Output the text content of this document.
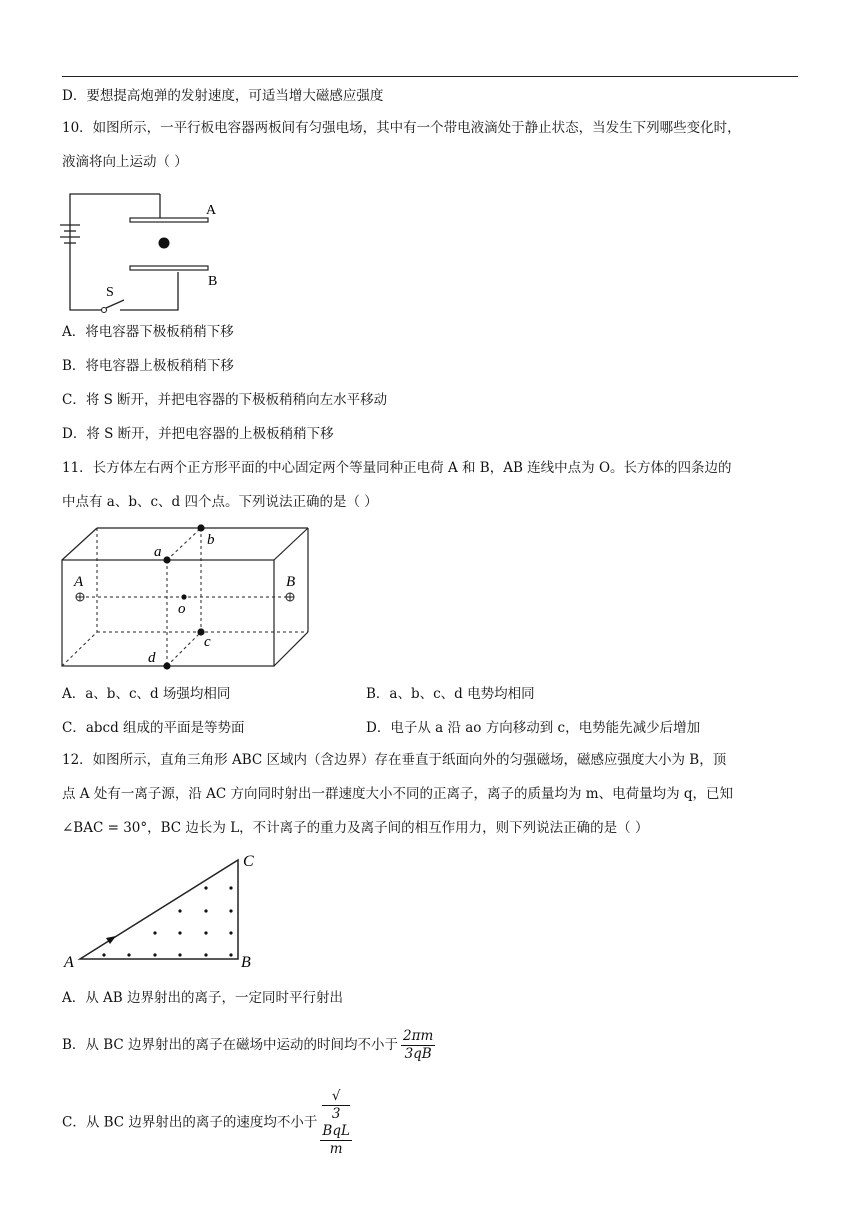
D．要想提高炮弹的发射速度，可适当增大磁感应强度
10．如图所示，一平行板电容器两板间有匀强电场，其中有一个带电液滴处于静止状态，当发生下列哪些变化时，
液滴将向上运动（ ）
A
B
S
A．将电容器下极板稍稍下移
B．将电容器上极板稍稍下移
C．将 S 断开，并把电容器的下极板稍稍向左水平移动
D．将 S 断开，并把电容器的上极板稍稍下移
11．长方体左右两个正方形平面的中心固定两个等量同种正电荷 A 和 B，AB 连线中点为 O。长方体的四条边的
中点有 a、b、c、d 四个点。下列说法正确的是（ ）
A	B
a
b
c
d
o
A．a、b、c、d 场强均相同	B．a、b、c、d 电势均相同
C．abcd 组成的平面是等势面	D．电子从 a 沿 ao 方向移动到 c，电势能先减少后增加
12．如图所示，直角三角形 ABC 区域内（含边界）存在垂直于纸面向外的匀强磁场，磁感应强度大小为 B，顶
点 A 处有一离子源，沿 AC 方向同时射出一群速度大小不同的正离子，离子的质量均为 m、电荷量均为 q，已知
∠BAC = 30°，BC 边长为 L，不计离子的重力及离子间的相互作用力，则下列说法正确的是（ ）
A	B
C
A．从 AB 边界射出的离子，一定同时平行射出
B．从 BC 边界射出的离子在磁场中运动的时间均不小于 $\frac{2\pi m}{3qB}$
C．从 BC 边界射出的离子的速度均不小于 √
3
BqL
m
